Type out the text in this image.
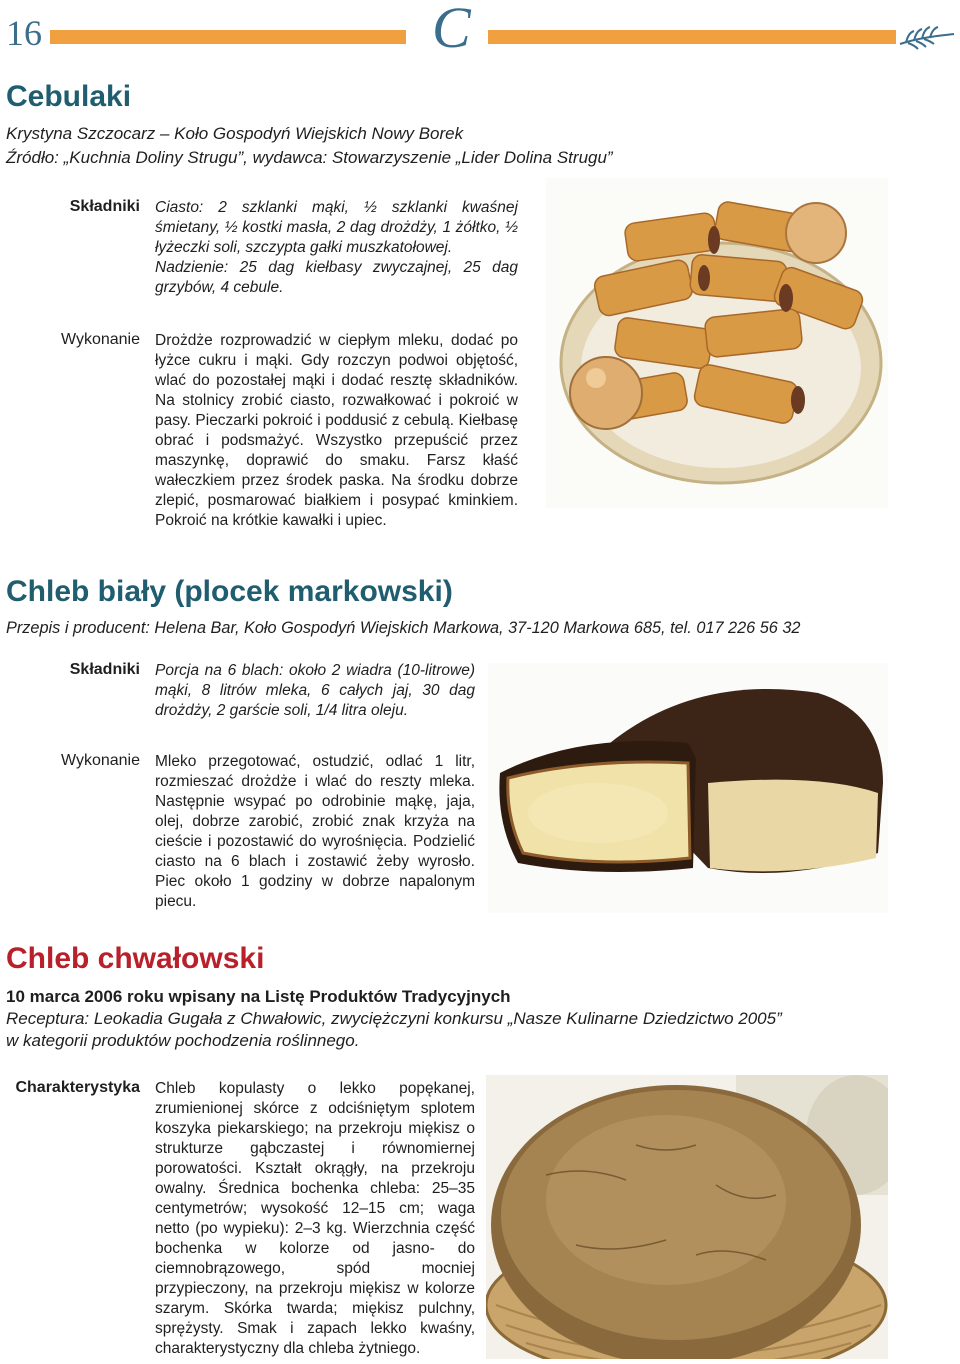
16	C
Cebulaki
Krystyna Szczocarz – Koło Gospodyń Wiejskich Nowy Borek
Źródło: „Kuchnia Doliny Strugu”, wydawca: Stowarzyszenie „Lider Dolina Strugu”
Składniki Ciasto: 2 szklanki mąki, ½ szklanki kwaśnej śmietany, ½ kostki masła, 2 dag drożdży, 1 żółtko, ½ łyżeczki soli, szczypta gałki muszkatołowej.

Nadzienie: 25 dag kiełbasy zwyczajnej, 25 dag grzybów, 4 cebule.

Wykonanie Drożdże rozprowadzić w ciepłym mleku, dodać po łyżce cukru i mąki. Gdy rozczyn podwoi objętość, wlać do pozostałej mąki i dodać resztę składników. Na stolnicy zrobić ciasto, rozwałkować i pokroić w pasy. Pieczarki pokroić i poddusić z cebulą. Kiełbasę obrać i podsmażyć. Wszystko przepuścić przez maszynkę, doprawić do smaku. Farsz kłaść wałeczkiem przez środek paska. Na środku dobrze zlepić, posmarować białkiem i posypać kminkiem. Pokroić na krótkie kawałki i upiec.
Chleb biały (plocek markowski)
Przepis i producent: Helena Bar, Koło Gospodyń Wiejskich Markowa, 37-120 Markowa 685, tel. 017 226 56 32
Składniki Porcja na 6 blach: około 2 wiadra (10-litrowe) mąki, 8 litrów mleka, 6 całych jaj, 30 dag drożdży, 2 garście soli, 1/4 litra oleju.
Wykonanie Mleko przegotować, ostudzić, odlać 1 litr, rozmieszać drożdże i wlać do reszty mleka. Następnie wsypać po odrobinie mąkę, jaja, olej, dobrze zarobić, zrobić znak krzyża na cieście i pozostawić do wyrośnięcia. Podzielić ciasto na 6 blach i zostawić żeby wyrosło. Piec około 1 godziny w dobrze napalonym piecu.
Chleb chwałowski
10 marca 2006 roku wpisany na Listę Produktów Tradycyjnych
Receptura: Leokadia Gugała z Chwałowic, zwyciężczyni konkursu „Nasze Kulinarne Dziedzictwo 2005”
w kategorii produktów pochodzenia roślinnego.
Charakterystyka Chleb kopulasty o lekko popękanej, zrumienionej skórce z odciśniętym splotem koszyka piekarskiego; na przekroju miękisz o strukturze gąbczastej i równomiernej porowatości. Kształt okrągły, na przekroju owalny. Średnica bochenka chleba: 25–35 centymetrów; wysokość 12–15 cm; waga netto (po wypieku): 2–3 kg. Wierzchnia część bochenka w kolorze od jasno- do ciemnobrązowego, spód mocniej przypieczony, na przekroju miękisz w kolorze szarym. Skórka twarda; miękisz pulchny, sprężysty. Smak i zapach lekko kwaśny, charakterystyczny dla chleba żytniego.
